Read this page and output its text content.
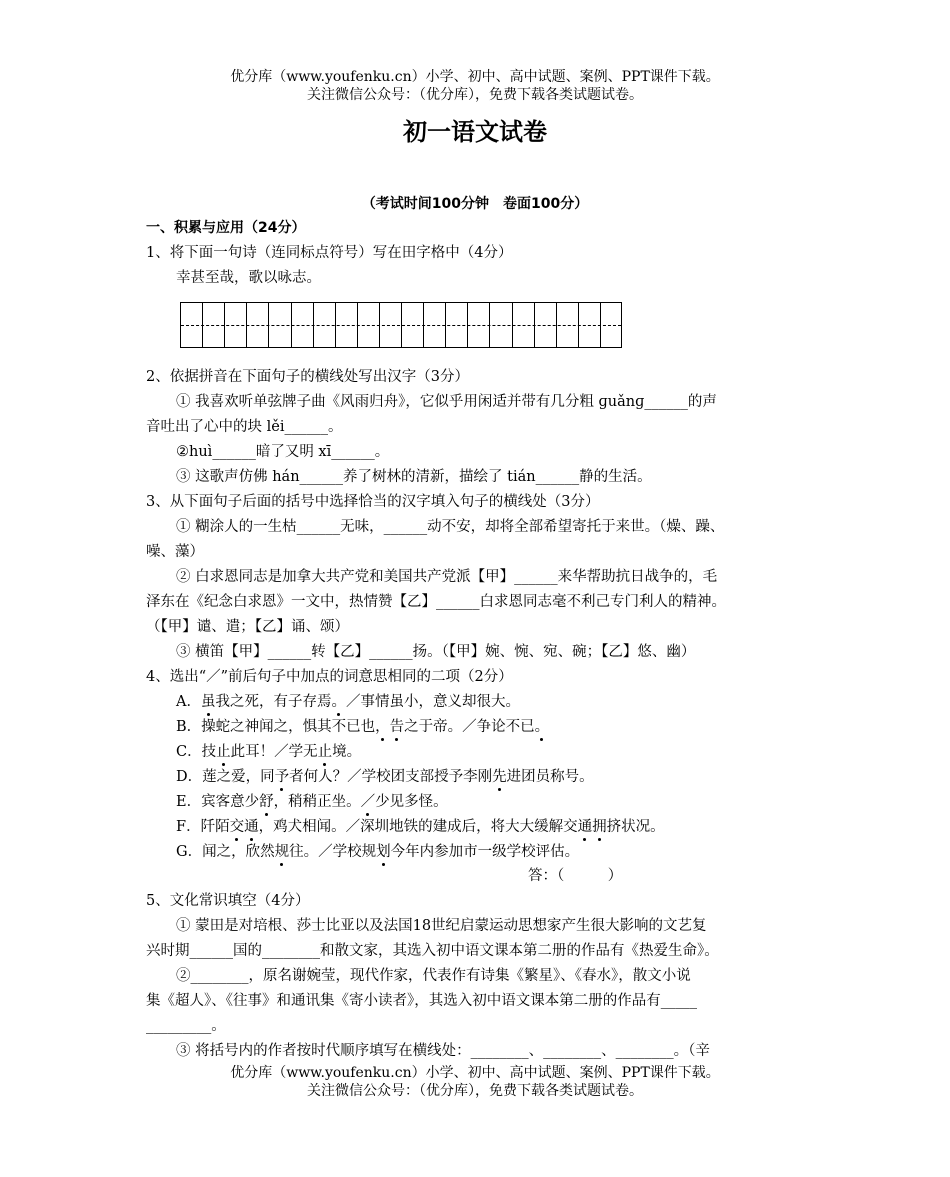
优分库（www.youfenku.cn）小学、初中、高中试题、案例、PPT课件下载。
关注微信公众号：（优分库），免费下载各类试题试卷。
初一语文试卷
（考试时间100分钟　卷面100分）
一、积累与应用（24分）
1、将下面一句诗（连同标点符号）写在田字格中（4分）
幸甚至哉，歌以咏志。
2、依据拼音在下面句子的横线处写出汉字（3分）
① 我喜欢听单弦牌子曲《风雨归舟》，它似乎用闲适并带有几分粗 ɡuǎnɡ______的声
音吐出了心中的块 lěi______。
②huì______暗了又明 xī______。
③ 这歌声仿佛 hán______养了树林的清新，描绘了 tián______静的生活。
3、从下面句子后面的括号中选择恰当的汉字填入句子的横线处（3分）
① 糊涂人的一生枯______无味，______动不安，却将全部希望寄托于来世。（燥、躁、
噪、藻）
② 白求恩同志是加拿大共产党和美国共产党派【甲】______来华帮助抗日战争的，毛
泽东在《纪念白求恩》一文中，热情赞【乙】______白求恩同志毫不利己专门利人的精神。
（【甲】谴、遣；【乙】诵、颂）
③ 横笛【甲】______转【乙】______扬。（【甲】婉、惋、宛、碗；【乙】悠、幽）
4、选出“／”前后句子中加点的词意思相同的二项（2分）
A．虽我之死，有子存焉。／事情虽小，意义却很大。
B．操蛇之神闻之，惧其不已也，告之于帝。／争论不已。
C．技止此耳！／学无止境。
D．莲之爱，同予者何人？／学校团支部授予李刚先进团员称号。
E．宾客意少舒，稍稍正坐。／少见多怪。
F．阡陌交通，鸡犬相闻。／深圳地铁的建成后，将大大缓解交通拥挤状况。
G．闻之，欣然规往。／学校规划今年内参加市一级学校评估。
答：（　　　）
5、文化常识填空（4分）
① 蒙田是对培根、莎士比亚以及法国18世纪启蒙运动思想家产生很大影响的文艺复
兴时期______国的________和散文家，其选入初中语文课本第二册的作品有《热爱生命》。
②________，原名谢婉莹，现代作家，代表作有诗集《繁星》、《春水》，散文小说
集《超人》、《往事》和通讯集《寄小读者》，其选入初中语文课本第二册的作品有_____
_________。
③ 将括号内的作者按时代顺序填写在横线处：________、________、________。（辛
优分库（www.youfenku.cn）小学、初中、高中试题、案例、PPT课件下载。
关注微信公众号：（优分库），免费下载各类试题试卷。
